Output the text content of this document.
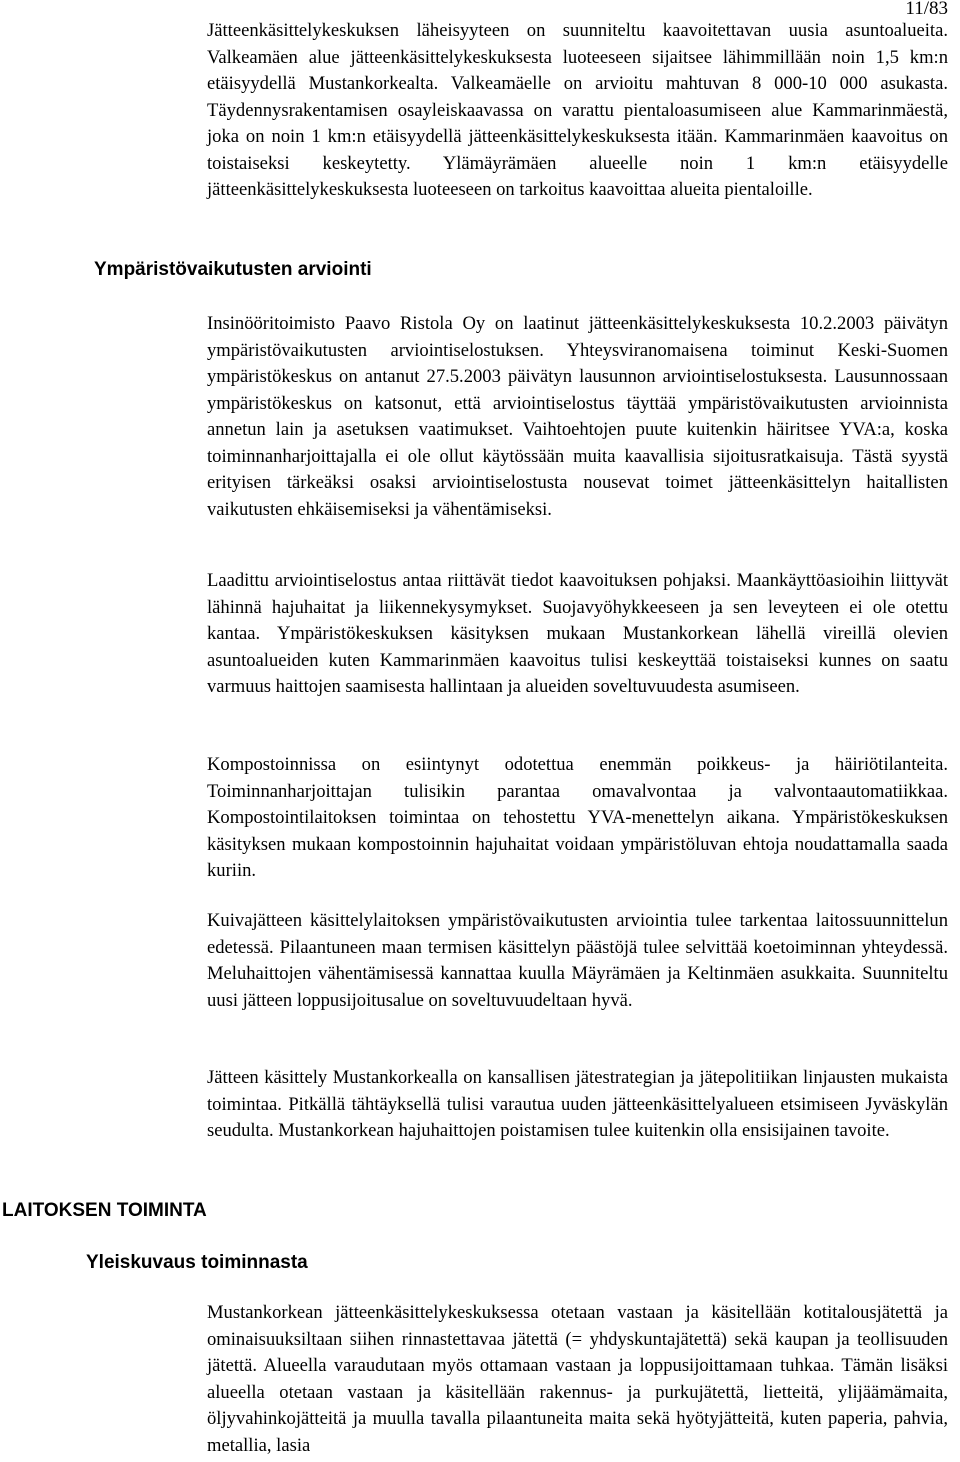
11/83

Jätteenkäsittelykeskuksen läheisyyteen on suunniteltu kaavoitettavan uusia asuntoalueita. Valkeamäen alue jätteenkäsittelykeskuksesta luoteeseen sijaitsee lähimmillään noin 1,5 km:n etäisyydellä Mustankorkealta. Valkeamäelle on arvioitu mahtuvan 8 000-10 000 asukasta. Täydennysrakentamisen osayleiskaavassa on varattu pientaloasumiseen alue Kammarinmäestä, joka on noin 1 km:n etäisyydellä jätteenkäsittelykeskuksesta itään. Kammarinmäen kaavoitus on toistaiseksi keskeytetty. Ylämäyrämäen alueelle noin 1 km:n etäisyydelle jätteenkäsittelykeskuksesta luoteeseen on tarkoitus kaavoittaa alueita pientaloille.

Ympäristövaikutusten arviointi

Insinööritoimisto Paavo Ristola Oy on laatinut jätteenkäsittelykeskuksesta 10.2.2003 päivätyn ympäristövaikutusten arviointiselostuksen. Yhteysviranomaisena toiminut Keski-Suomen ympäristökeskus on antanut 27.5.2003 päivätyn lausunnon arviointiselostuksesta. Lausunnossaan ympäristökeskus on katsonut, että arviointiselostus täyttää ympäristövaikutusten arvioinnista annetun lain ja asetuksen vaatimukset. Vaihtoehtojen puute kuitenkin häiritsee YVA:a, koska toiminnanharjoittajalla ei ole ollut käytössään muita kaavallisia sijoitusratkaisuja. Tästä syystä erityisen tärkeäksi osaksi arviointiselostusta nousevat toimet jätteenkäsittelyn haitallisten vaikutusten ehkäisemiseksi ja vähentämiseksi.

Laadittu arviointiselostus antaa riittävät tiedot kaavoituksen pohjaksi. Maankäyttöasioihin liittyvät lähinnä hajuhaitat ja liikennekysymykset. Suojavyöhykkeeseen ja sen leveyteen ei ole otettu kantaa. Ympäristökeskuksen käsityksen mukaan Mustankorkean lähellä vireillä olevien asuntoalueiden kuten Kammarinmäen kaavoitus tulisi keskeyttää toistaiseksi kunnes on saatu varmuus haittojen saamisesta hallintaan ja alueiden soveltuvuudesta asumiseen.

Kompostoinnissa on esiintynyt odotettua enemmän poikkeus- ja häiriötilanteita. Toiminnanharjoittajan tulisikin parantaa omavalvontaa ja valvontaautomatiikkaa. Kompostointilaitoksen toimintaa on tehostettu YVA-menettelyn aikana. Ympäristökeskuksen käsityksen mukaan kompostoinnin hajuhaitat voidaan ympäristöluvan ehtoja noudattamalla saada kuriin.

Kuivajätteen käsittelylaitoksen ympäristövaikutusten arviointia tulee tarkentaa laitossuunnittelun edetessä. Pilaantuneen maan termisen käsittelyn päästöjä tulee selvittää koetoiminnan yhteydessä. Meluhaittojen vähentämisessä kannattaa kuulla Mäyrämäen ja Keltinmäen asukkaita. Suunniteltu uusi jätteen loppusijoitusalue on soveltuvuudeltaan hyvä.

Jätteen käsittely Mustankorkealla on kansallisen jätestrategian ja jätepolitiikan linjausten mukaista toimintaa. Pitkällä tähtäyksellä tulisi varautua uuden jätteenkäsittelyalueen etsimiseen Jyväskylän seudulta. Mustankorkean hajuhaittojen poistamisen tulee kuitenkin olla ensisijainen tavoite.

LAITOKSEN TOIMINTA
Yleiskuvaus toiminnasta

Mustankorkean jätteenkäsittelykeskuksessa otetaan vastaan ja käsitellään kotitalousjätettä ja ominaisuuksiltaan siihen rinnastettavaa jätettä (= yhdyskuntajätettä) sekä kaupan ja teollisuuden jätettä. Alueella varaudutaan myös ottamaan vastaan ja loppusijoittamaan tuhkaa. Tämän lisäksi alueella otetaan vastaan ja käsitellään rakennus- ja purkujätettä, lietteitä, ylijäämämaita, öljyvahinkojätteitä ja muulla tavalla pilaantuneita maita sekä hyötyjätteitä, kuten paperia, pahvia, metallia, lasia
